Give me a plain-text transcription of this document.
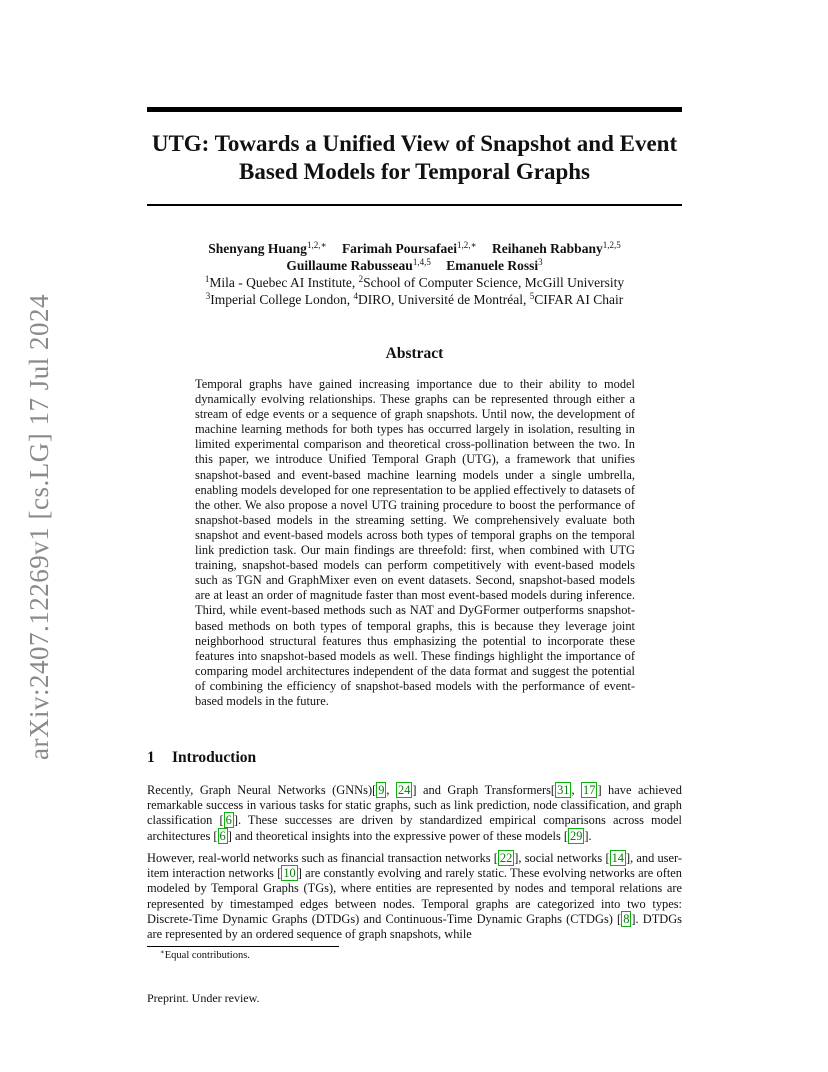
UTG: Towards a Unified View of Snapshot and Event
Based Models for Temporal Graphs
Shenyang Huang$^{1,2,∗}$ Farimah Poursafaei$^{1,2,∗}$ Reihaneh Rabbany$^{1,2,5}$
Guillaume Rabusseau$^{1,4,5}$ Emanuele Rossi$^3$
$^1$Mila - Quebec AI Institute, $^2$School of Computer Science, McGill University
$^3$Imperial College London, $^4$DIRO, Université de Montréal, $^5$CIFAR AI Chair
arXiv:2407.12269v1 [cs.LG] 17 Jul 2024	Abstract
Temporal graphs have gained increasing importance due to their ability to model dynamically evolving relationships. These graphs can be represented through either a stream of edge events or a sequence of graph snapshots. Until now, the development of machine learning methods for both types has occurred largely in isolation, resulting in limited experimental comparison and theoretical cross-pollination between the two. In this paper, we introduce Unified Temporal Graph (UTG), a framework that unifies snapshot-based and event-based machine learning models under a single umbrella, enabling models developed for one representation to be applied effectively to datasets of the other. We also propose a novel UTG training procedure to boost the performance of snapshot-based models in the streaming setting. We comprehensively evaluate both snapshot and event-based models across both types of temporal graphs on the temporal link prediction task. Our main findings are threefold: first, when combined with UTG training, snapshot-based models can perform competitively with event-based models such as TGN and GraphMixer even on event datasets. Second, snapshot-based models are at least an order of magnitude faster than most event-based models during inference. Third, while event-based methods such as NAT and DyGFormer outperforms snapshot-based methods on both types of temporal graphs, this is because they leverage joint neighborhood structural features thus emphasizing the potential to incorporate these features into snapshot-based models as well. These findings highlight the importance of comparing model architectures independent of the data format and suggest the potential of combining the efficiency of snapshot-based models with the performance of event-based models in the future.
1 Introduction
Recently, Graph Neural Networks (GNNs)[ 9 , 24 ] and Graph Transformers[ 31 , 17 ] have achieved remarkable success in various tasks for static graphs, such as link prediction, node classification, and graph classification [ 6 ]. These successes are driven by standardized empirical comparisons across model architectures [ 6 ] and theoretical insights into the expressive power of these models [ 29 ].
However, real-world networks such as financial transaction networks [ 22 ], social networks [ 14 ], and user-item interaction networks [ 10 ] are constantly evolving and rarely static. These evolving networks are often modeled by Temporal Graphs (TGs), where entities are represented by nodes and temporal relations are represented by timestamped edges between nodes. Temporal graphs are categorized into two types: Discrete-Time Dynamic Graphs (DTDGs) and Continuous-Time Dynamic Graphs (CTDGs) [ 8 ]. DTDGs are represented by an ordered sequence of graph snapshots, while
∗Equal contributions.
Preprint. Under review.
